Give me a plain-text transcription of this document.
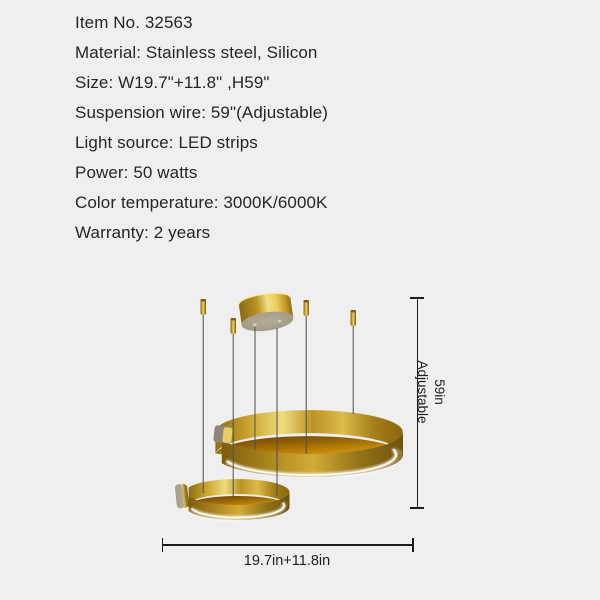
Item No. 32563
Material: Stainless steel, Silicon
Size: W19.7"+11.8" ,H59"
Suspension wire: 59"(Adjustable)
Light source: LED strips
Power: 50 watts
Color temperature: 3000K/6000K
Warranty: 2 years
59in
Adjustable
19.7in+11.8in
